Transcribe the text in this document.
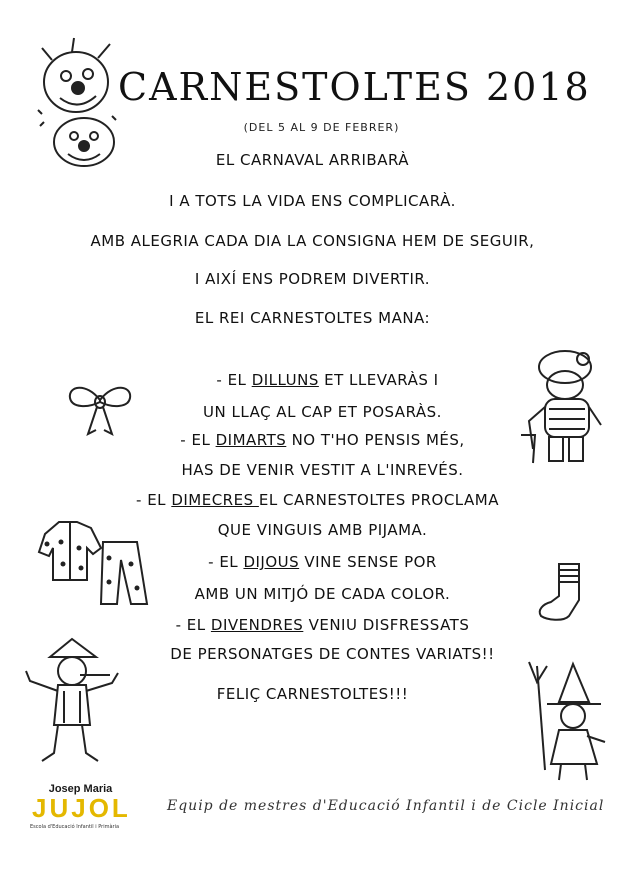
CARNESTOLTES 2018
(DEL 5 AL 9 DE FEBRER)
EL CARNAVAL ARRIBARÀ
I A TOTS LA VIDA ENS COMPLICARÀ.
AMB ALEGRIA CADA DIA LA CONSIGNA HEM DE SEGUIR,
I AIXÍ ENS PODREM DIVERTIR.
EL REI CARNESTOLTES MANA:
- EL DILLUNS ET LLEVARÀS I
UN LLAÇ AL CAP ET POSARÀS.
- EL DIMARTS NO T'HO PENSIS MÉS,
HAS DE VENIR VESTIT A L'INREVÉS.
- EL DIMECRES EL CARNESTOLTES PROCLAMA
QUE VINGUIS AMB PIJAMA.
- EL DIJOUS VINE SENSE POR
AMB UN MITJÓ DE CADA COLOR.
- EL DIVENDRES VENIU DISFRESSATS
DE PERSONATGES DE CONTES VARIATS!!
FELIÇ CARNESTOLTES!!!
Josep Maria
JUJOL
Escola d'Educació Infantil i Primària
Equip de mestres d'Educació Infantil i de Cicle Inicial
